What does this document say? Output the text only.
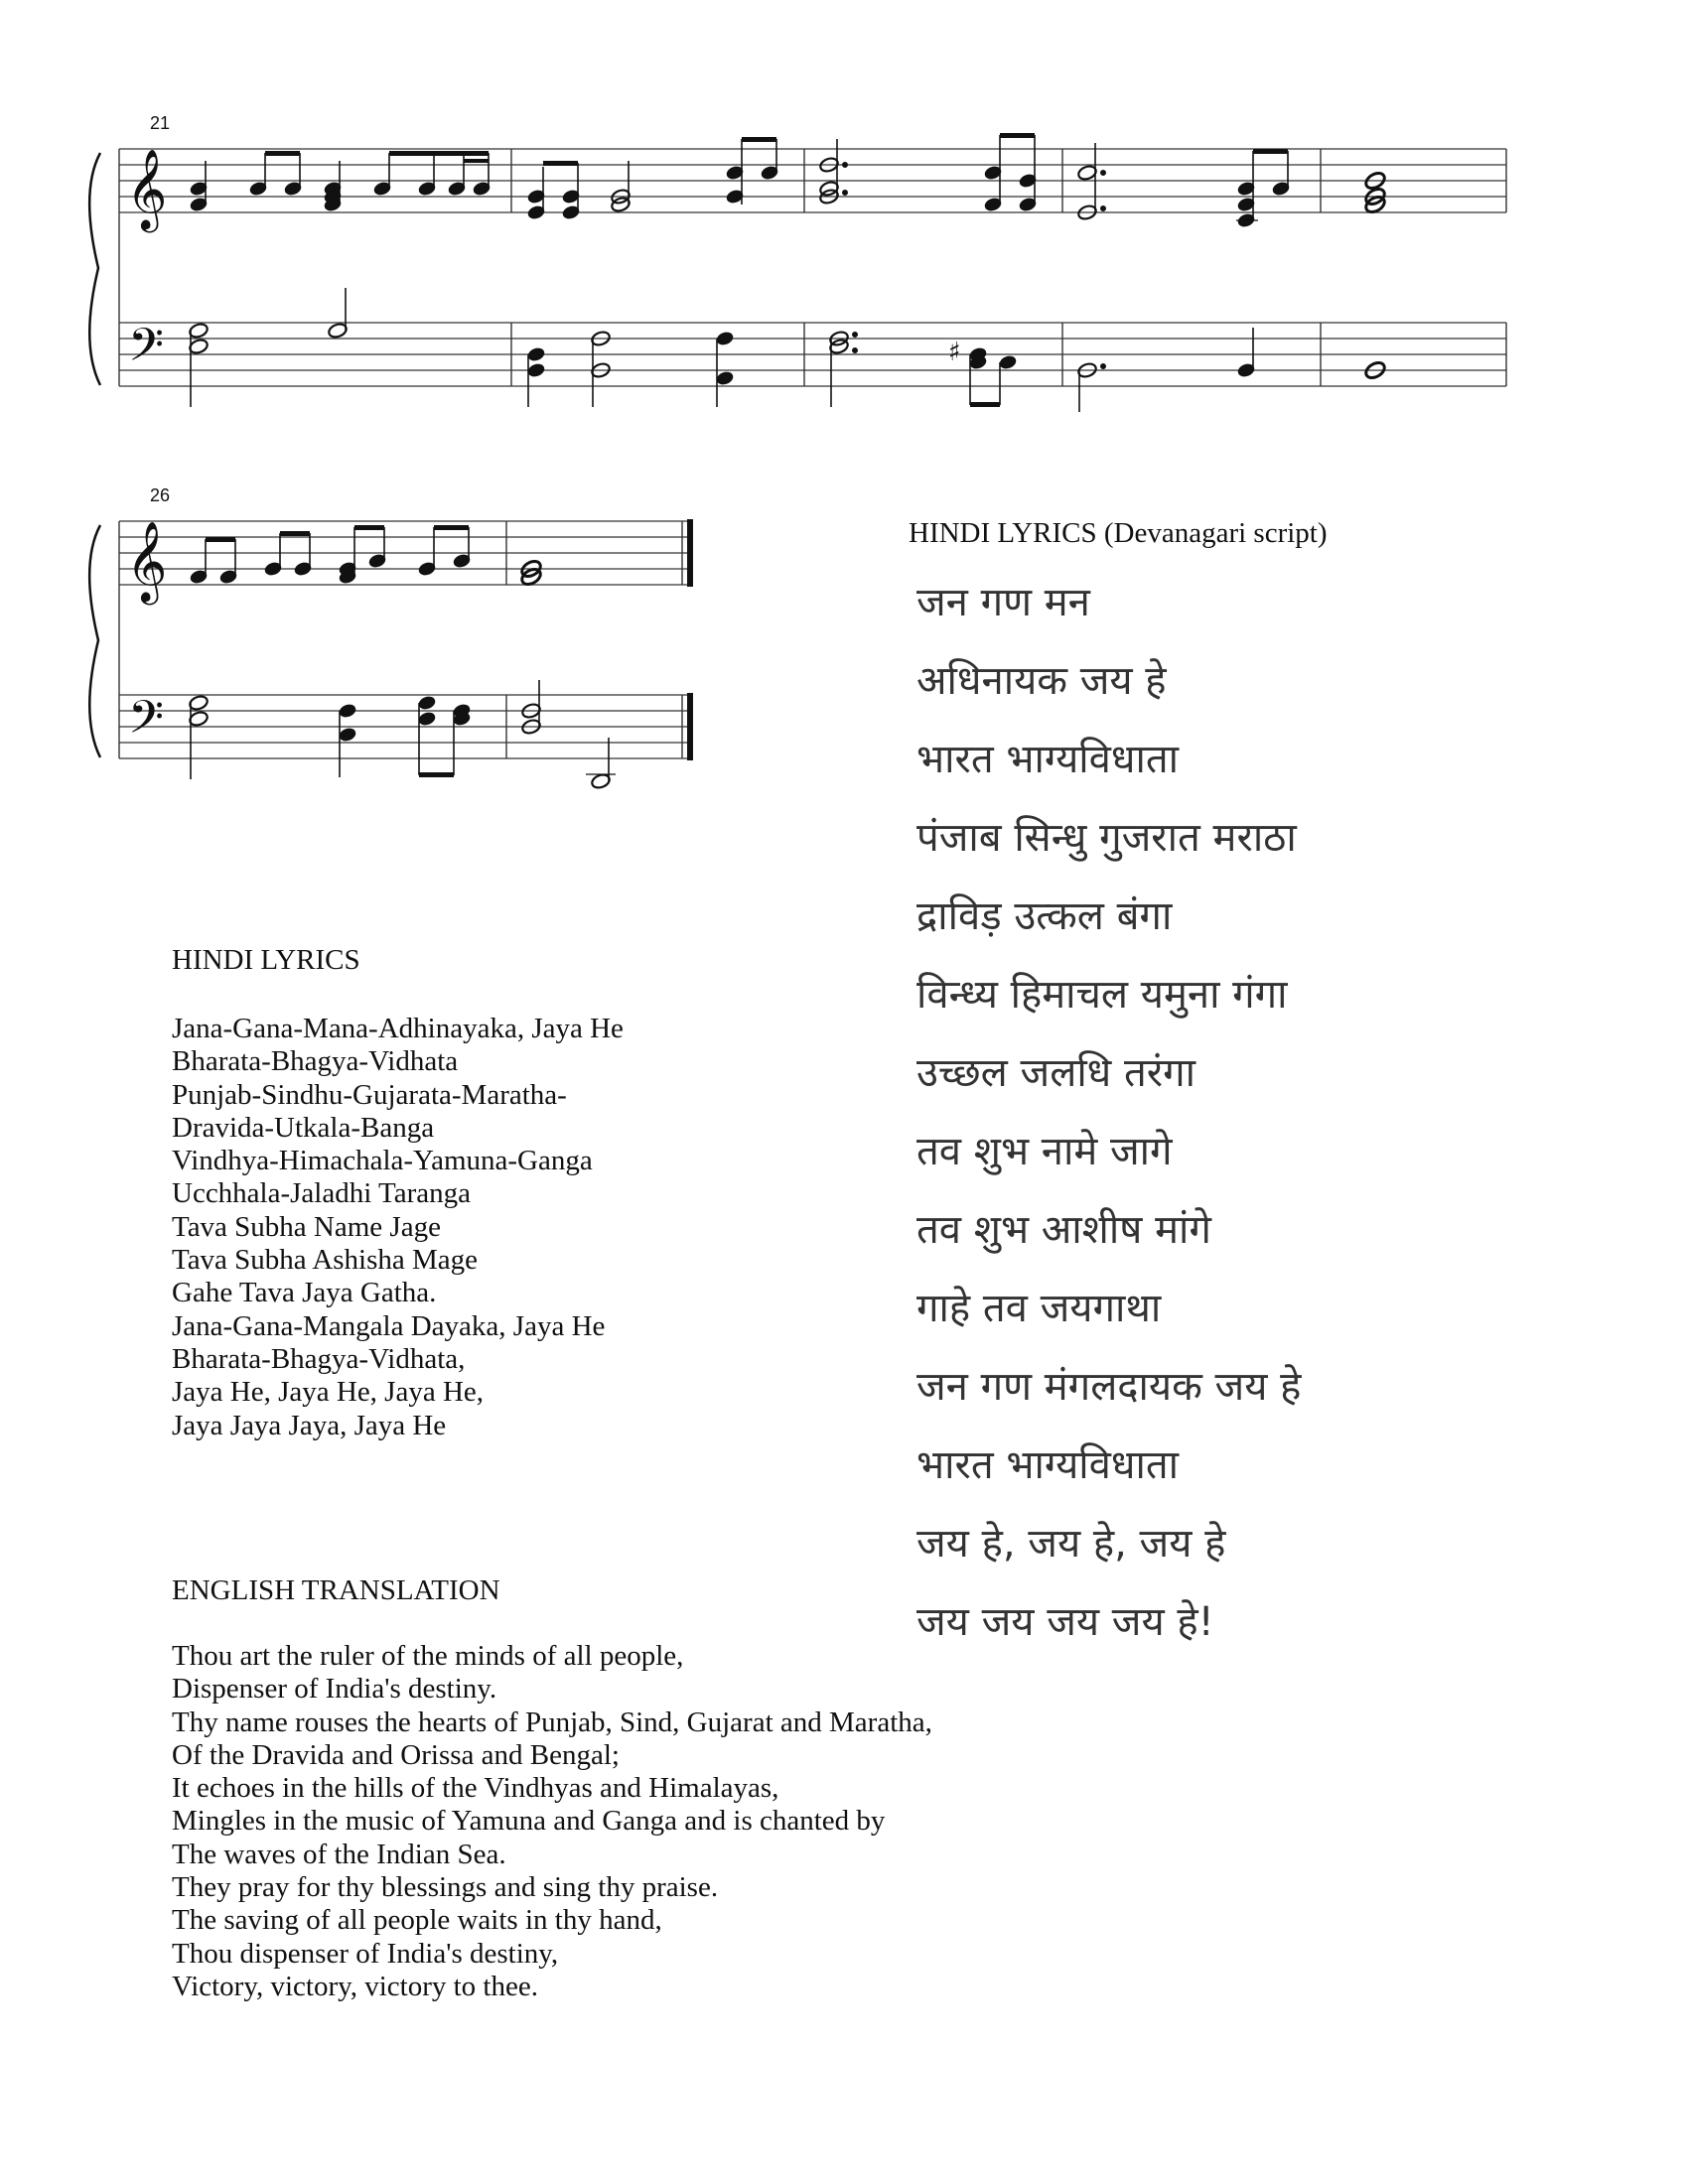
21
𝄞
𝄢	♯
26
𝄞
𝄢
HINDI LYRICS (Devanagari script)
जन गण मन
अधिनायक जय हे
भारत भाग्यविधाता
पंजाब सिन्धु गुजरात मराठा
द्राविड़ उत्कल बंगा
विन्ध्य हिमाचल यमुना गंगा
उच्छल जलधि तरंगा
तव शुभ नामे जागे
तव शुभ आशीष मांगे
गाहे तव जयगाथा
जन गण मंगलदायक जय हे
भारत भाग्यविधाता
जय हे, जय हे, जय हे
जय जय जय जय हे!
HINDI LYRICS
Jana-Gana-Mana-Adhinayaka, Jaya He
Bharata-Bhagya-Vidhata
Punjab-Sindhu-Gujarata-Maratha-
Dravida-Utkala-Banga
Vindhya-Himachala-Yamuna-Ganga
Ucchhala-Jaladhi Taranga
Tava Subha Name Jage
Tava Subha Ashisha Mage
Gahe Tava Jaya Gatha.
Jana-Gana-Mangala Dayaka, Jaya He
Bharata-Bhagya-Vidhata,
Jaya He, Jaya He, Jaya He,
Jaya Jaya Jaya, Jaya He
ENGLISH TRANSLATION
Thou art the ruler of the minds of all people,
Dispenser of India's destiny.
Thy name rouses the hearts of Punjab, Sind, Gujarat and Maratha,
Of the Dravida and Orissa and Bengal;
It echoes in the hills of the Vindhyas and Himalayas,
Mingles in the music of Yamuna and Ganga and is chanted by
The waves of the Indian Sea.
They pray for thy blessings and sing thy praise.
The saving of all people waits in thy hand,
Thou dispenser of India's destiny,
Victory, victory, victory to thee.
